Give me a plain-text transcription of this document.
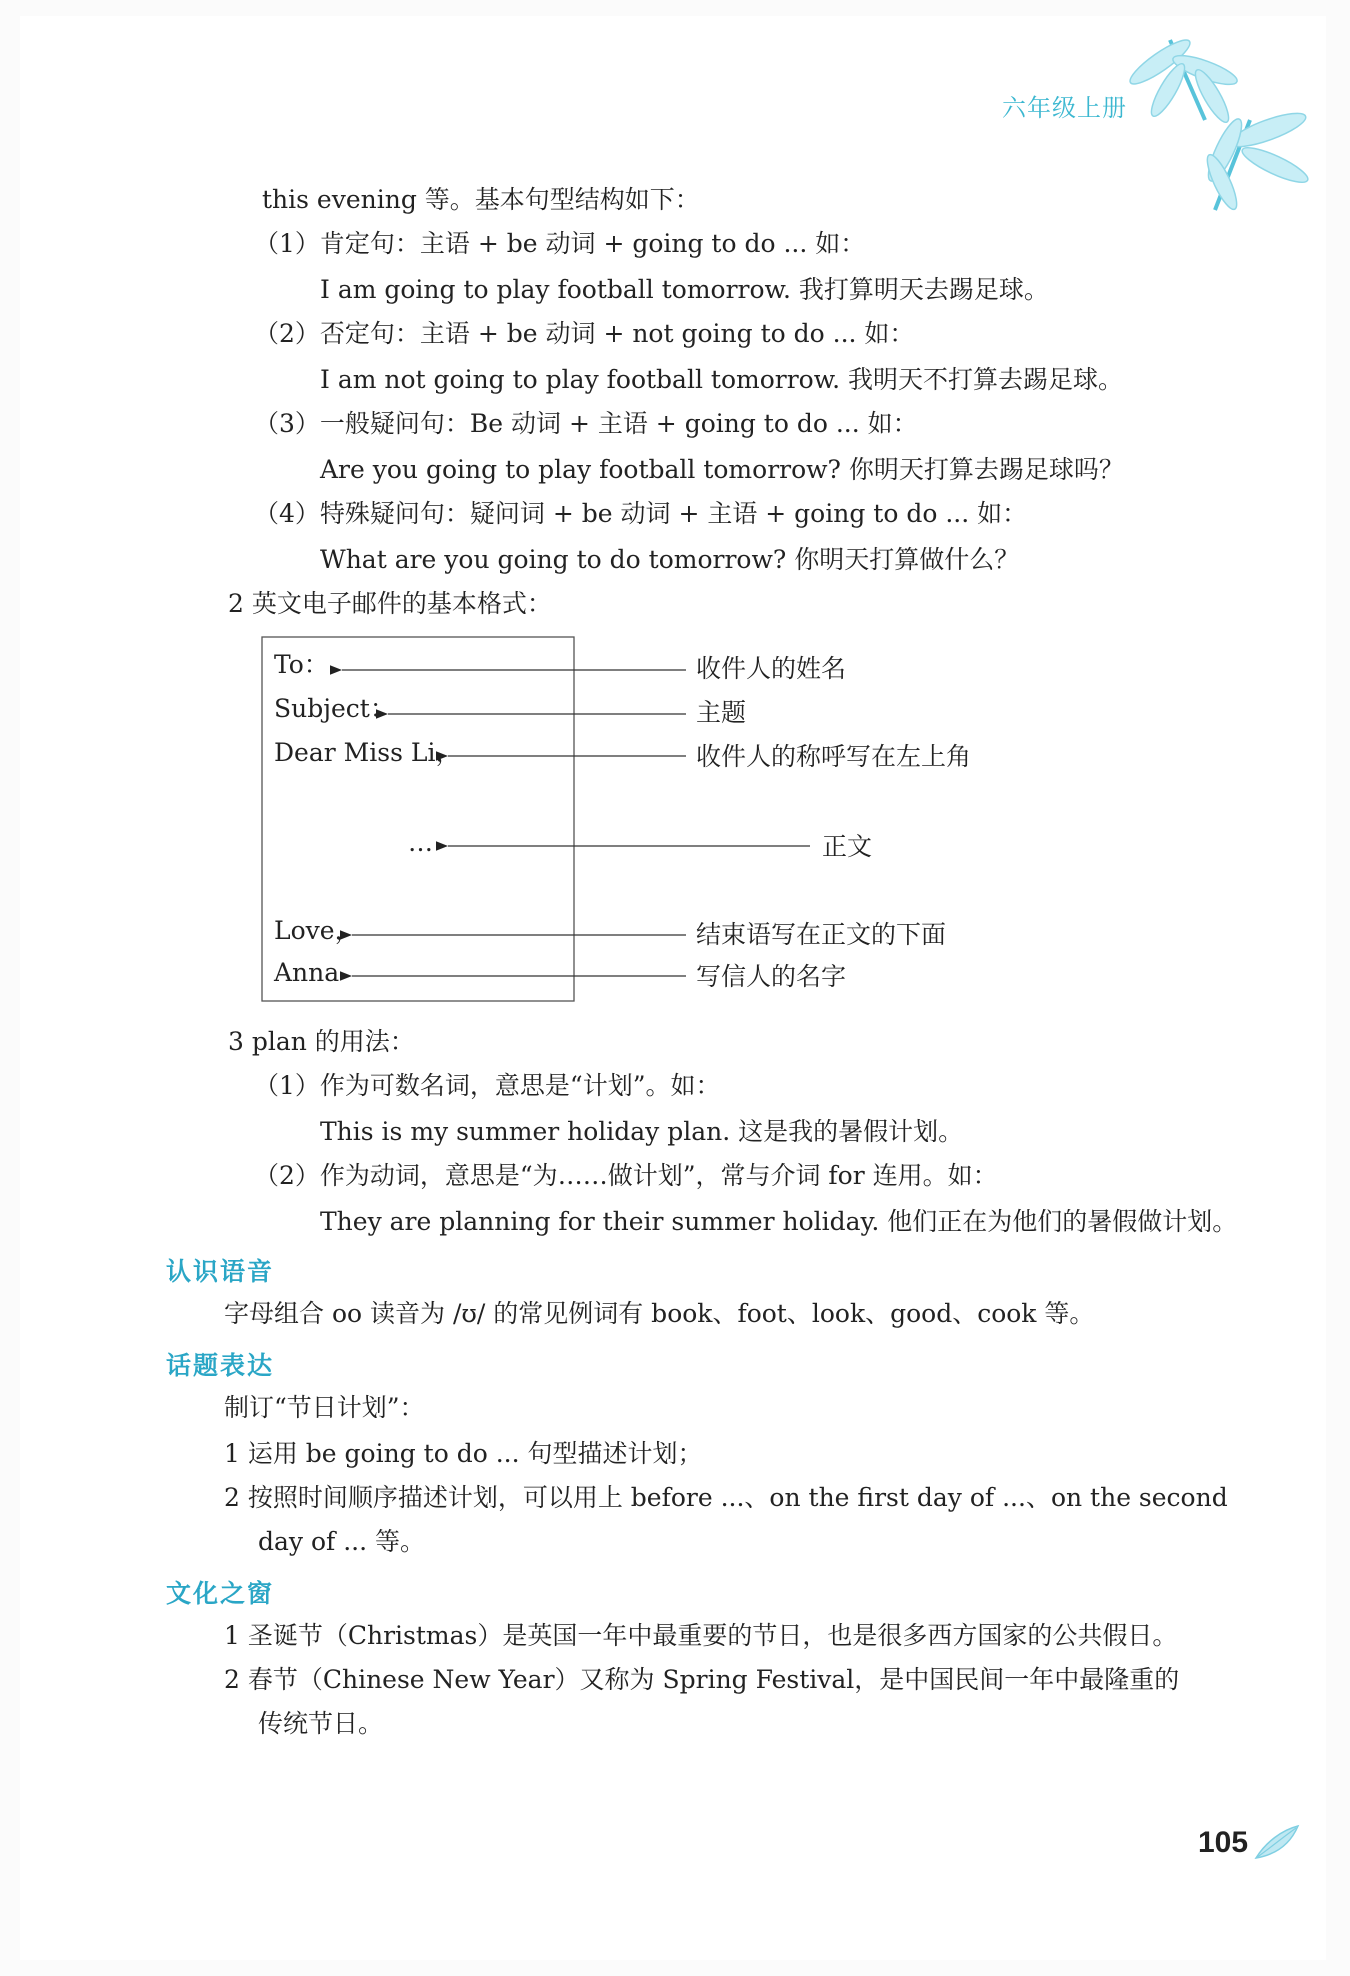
六年级上册
this evening 等。基本句型结构如下：
（1）肯定句：主语 + be 动词 + going to do ... 如：
I am going to play football tomorrow. 我打算明天去踢足球。
（2）否定句：主语 + be 动词 + not going to do ... 如：
I am not going to play football tomorrow. 我明天不打算去踢足球。
（3）一般疑问句：Be 动词 + 主语 + going to do ... 如：
Are you going to play football tomorrow? 你明天打算去踢足球吗？
（4）特殊疑问句：疑问词 + be 动词 + 主语 + going to do ... 如：
What are you going to do tomorrow? 你明天打算做什么？
2 英文电子邮件的基本格式：
To：
Subject：
Dear Miss Li，
…
Love，
Anna
收件人的姓名
主题
收件人的称呼写在左上角
正文
结束语写在正文的下面
写信人的名字
3 plan 的用法：
（1）作为可数名词，意思是“计划”。如：
This is my summer holiday plan. 这是我的暑假计划。
（2）作为动词，意思是“为……做计划”，常与介词 for 连用。如：
They are planning for their summer holiday. 他们正在为他们的暑假做计划。
认识语音
字母组合 oo 读音为 /ʊ/ 的常见例词有 book、foot、look、good、cook 等。
话题表达
制订“节日计划”：
1 运用 be going to do ... 句型描述计划；
2 按照时间顺序描述计划，可以用上 before ...、on the first day of ...、on the second
day of ... 等。
文化之窗
1 圣诞节（Christmas）是英国一年中最重要的节日，也是很多西方国家的公共假日。
2 春节（Chinese New Year）又称为 Spring Festival，是中国民间一年中最隆重的
传统节日。
105
